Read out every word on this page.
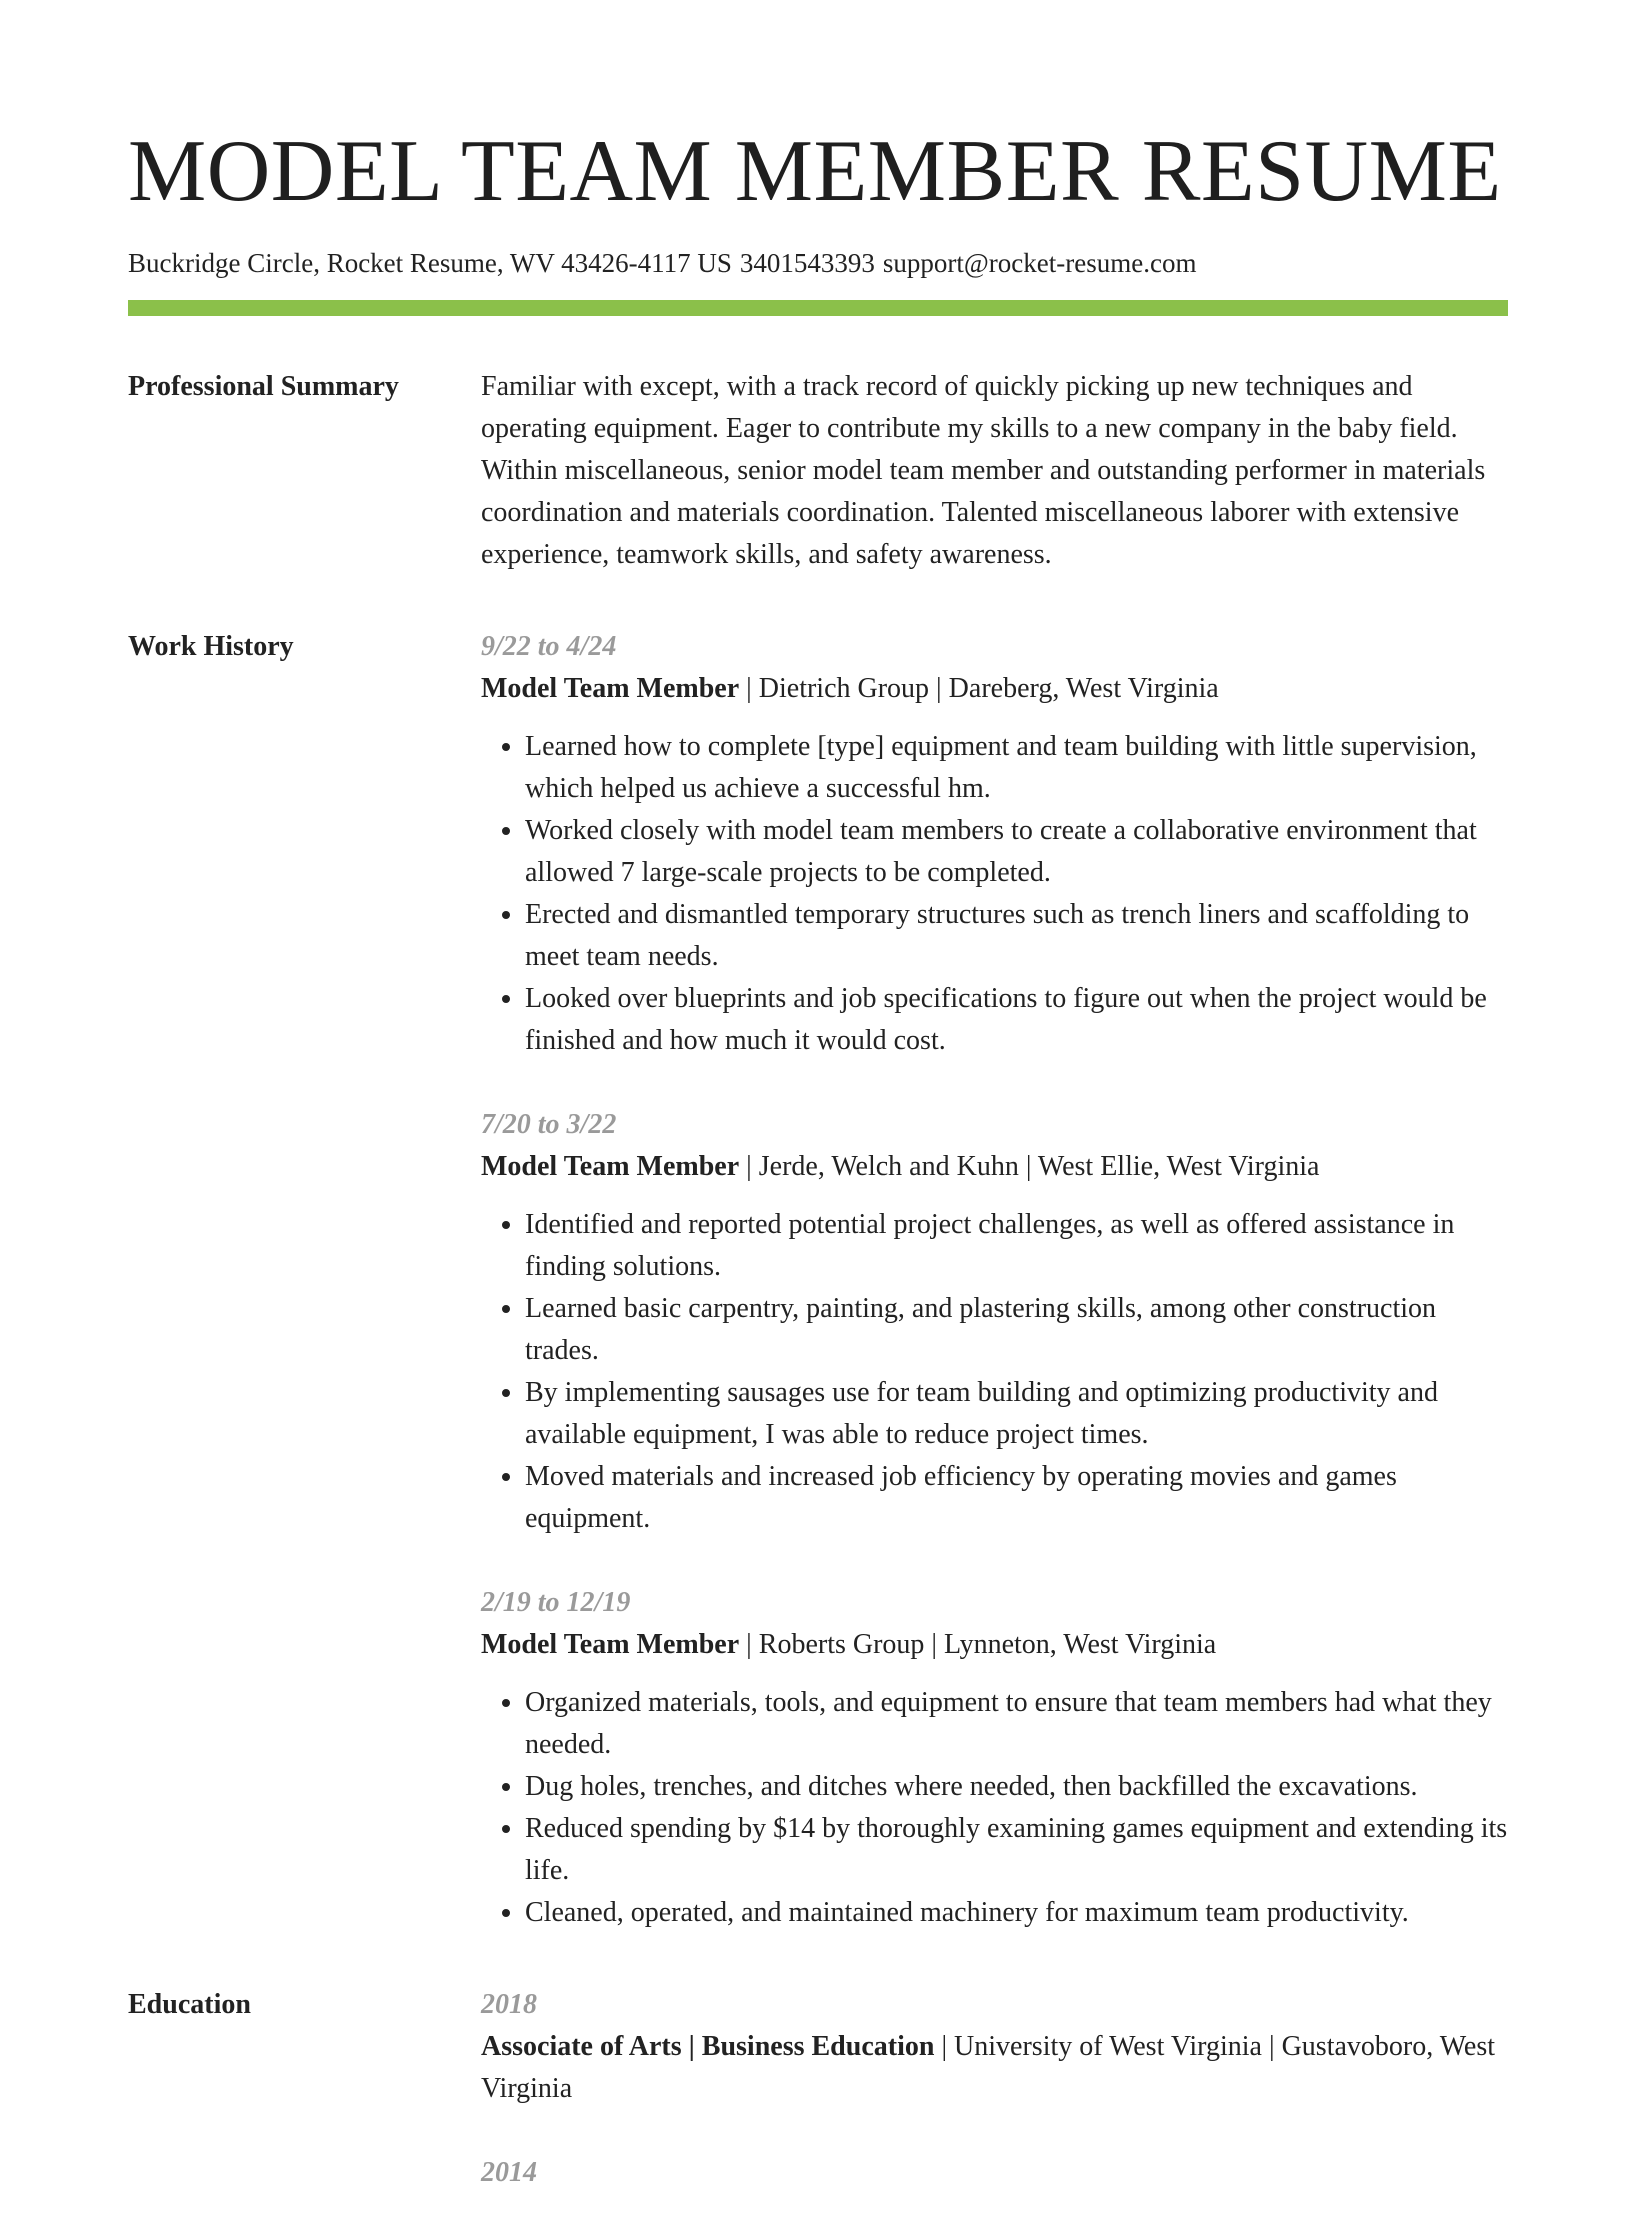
MODEL TEAM MEMBER RESUME
Buckridge Circle, Rocket Resume, WV 43426-4117 US 3401543393 support@rocket-resume.com
Professional Summary	Familiar with except, with a track record of quickly picking up new techniques and operating equipment. Eager to contribute my skills to a new company in the baby field. Within miscellaneous, senior model team member and outstanding performer in materials coordination and materials coordination. Talented miscellaneous laborer with extensive experience, teamwork skills, and safety awareness.

Work History	9/22 to 4/24
Model Team Member | Dietrich Group | Dareberg, West Virginia
• Learned how to complete [type] equipment and team building with little supervision, which helped us achieve a successful hm.
• Worked closely with model team members to create a collaborative environment that allowed 7 large-scale projects to be completed.
• Erected and dismantled temporary structures such as trench liners and scaffolding to meet team needs.
• Looked over blueprints and job specifications to figure out when the project would be finished and how much it would cost.
7/20 to 3/22
Model Team Member | Jerde, Welch and Kuhn | West Ellie, West Virginia
• Identified and reported potential project challenges, as well as offered assistance in finding solutions.
• Learned basic carpentry, painting, and plastering skills, among other construction trades.
• By implementing sausages use for team building and optimizing productivity and available equipment, I was able to reduce project times.
• Moved materials and increased job efficiency by operating movies and games equipment.
2/19 to 12/19
Model Team Member | Roberts Group | Lynneton, West Virginia
• Organized materials, tools, and equipment to ensure that team members had what they needed.
• Dug holes, trenches, and ditches where needed, then backfilled the excavations.
• Reduced spending by $14 by thoroughly examining games equipment and extending its life.
• Cleaned, operated, and maintained machinery for maximum team productivity.
Education	2018
Associate of Arts | Business Education | University of West Virginia | Gustavoboro, West Virginia
2014
